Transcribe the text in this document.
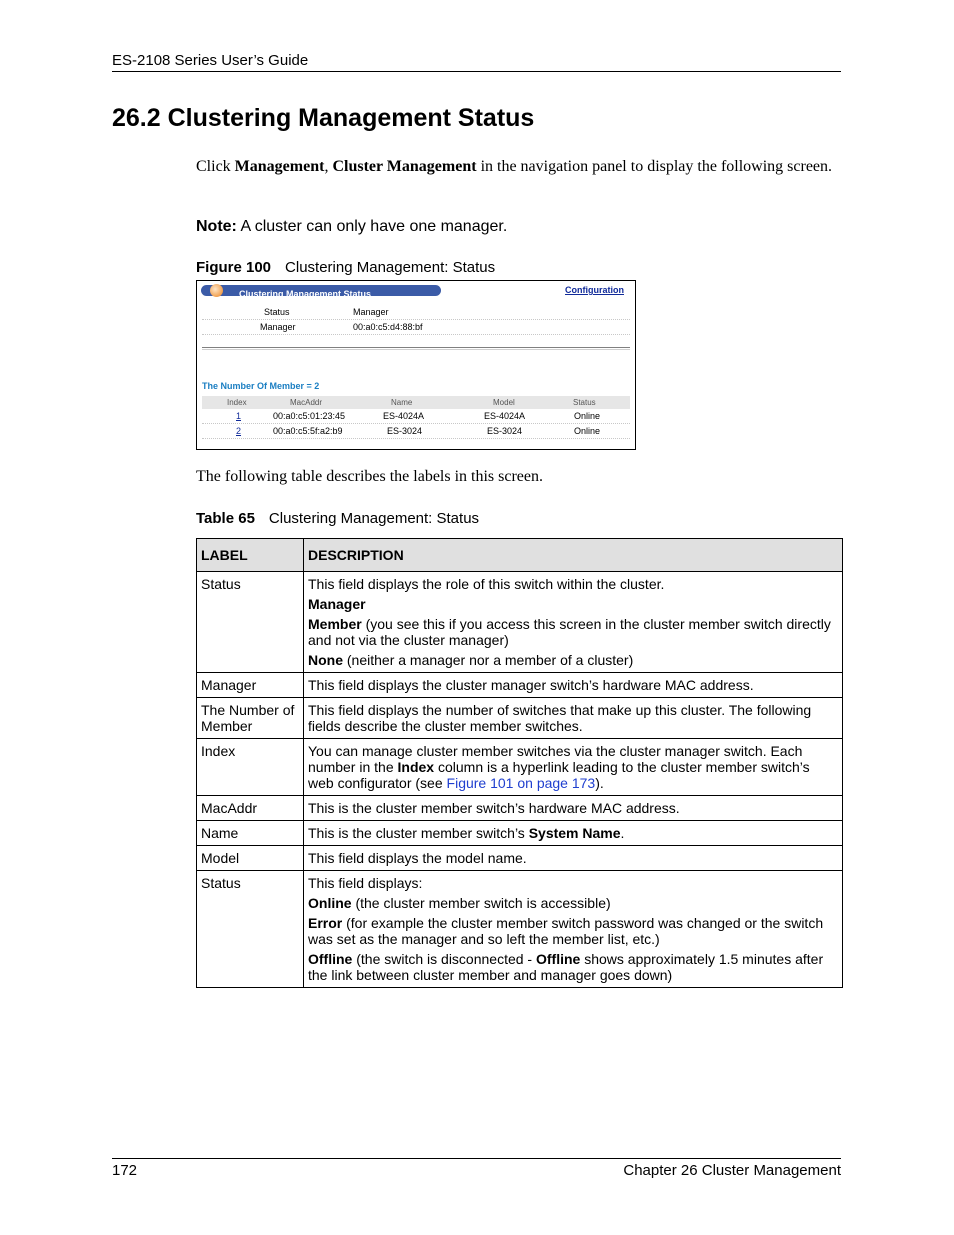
ES-2108 Series User’s Guide
26.2 Clustering Management Status
Click Management, Cluster Management in the navigation panel to display the following screen.
Note: A cluster can only have one manager.
Figure 100 Clustering Management: Status
Clustering Management Status	Configuration
Status	Manager
Manager	00:a0:c5:d4:88:bf
The Number Of Member = 2
Index	MacAddr	Name	Model	Status
1	00:a0:c5:01:23:45	ES-4024A	ES-4024A	Online
2	00:a0:c5:5f:a2:b9	ES-3024	ES-3024	Online
The following table describes the labels in this screen.
Table 65 Clustering Management: Status
LABEL	DESCRIPTION
Status	This field displays the role of this switch within the cluster.

Manager

Member (you see this if you access this screen in the cluster member switch directly and not via the cluster manager)

None (neither a manager nor a member of a cluster)

Manager	This field displays the cluster manager switch’s hardware MAC address.
The Number of Member	This field displays the number of switches that make up this cluster. The following fields describe the cluster member switches.
Index	You can manage cluster member switches via the cluster manager switch. Each number in the Index column is a hyperlink leading to the cluster member switch’s web configurator (see Figure 101 on page 173).
MacAddr	This is the cluster member switch’s hardware MAC address.
Name	This is the cluster member switch’s System Name.
Model	This field displays the model name.
Status	This field displays:

Online (the cluster member switch is accessible)

Error (for example the cluster member switch password was changed or the switch was set as the manager and so left the member list, etc.)

Offline (the switch is disconnected - Offline shows approximately 1.5 minutes after the link between cluster member and manager goes down)

172	Chapter 26 Cluster Management
